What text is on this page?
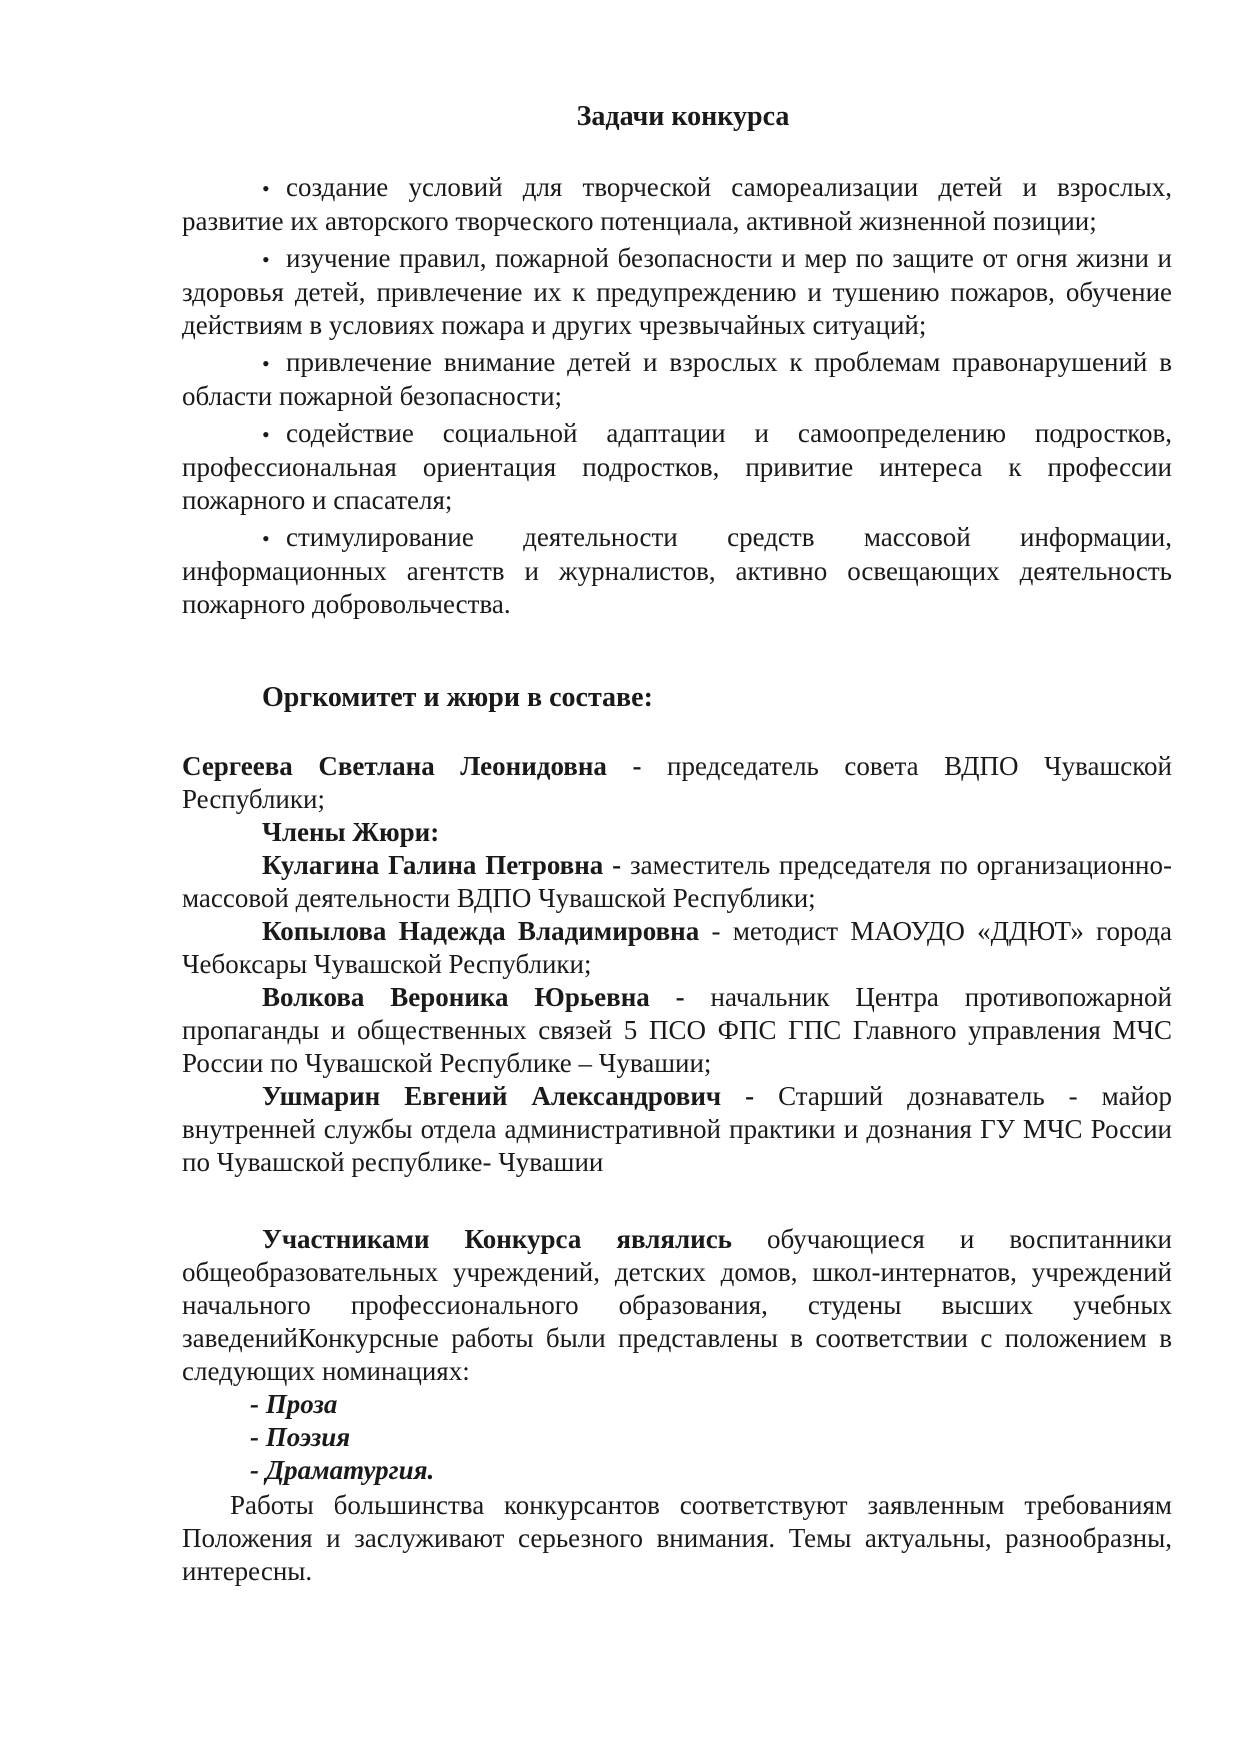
Задачи конкурса
• создание условий для творческой самореализации детей и взрослых, развитие их авторского творческого потенциала, активной жизненной позиции;
• изучение правил, пожарной безопасности и мер по защите от огня жизни и здоровья детей, привлечение их к предупреждению и тушению пожаров, обучение действиям в условиях пожара и других чрезвычайных ситуаций;
• привлечение внимание детей и взрослых к проблемам правонарушений в области пожарной безопасности;
• содействие социальной адаптации и самоопределению подростков, профессиональная ориентация подростков, привитие интереса к профессии пожарного и спасателя;
• стимулирование деятельности средств массовой информации, информационных агентств и журналистов, активно освещающих деятельность пожарного добровольчества.
Оргкомитет и жюри в составе:

Сергеева Светлана Леонидовна - председатель совета ВДПО Чувашской Республики;

Члены Жюри:

Кулагина Галина Петровна - заместитель председателя по организационно-массовой деятельности ВДПО Чувашской Республики;

Копылова Надежда Владимировна - методист МАОУДО «ДДЮТ» города Чебоксары Чувашской Республики;

Волкова Вероника Юрьевна - начальник Центра противопожарной пропаганды и общественных связей 5 ПСО ФПС ГПС Главного управления МЧС России по Чувашской Республике – Чувашии;

Ушмарин Евгений Александрович - Старший дознаватель - майор внутренней службы отдела административной практики и дознания ГУ МЧС России по Чувашской республике- Чувашии

Участниками Конкурса являлись обучающиеся и воспитанники общеобразовательных учреждений, детских домов, школ-интернатов, учреждений начального профессионального образования, студены высших учебных заведенийКонкурсные работы были представлены в соответствии с положением в следующих номинациях:

- Проза
- Поэзия
- Драматургия.

Работы большинства конкурсантов соответствуют заявленным требованиям Положения и заслуживают серьезного внимания. Темы актуальны, разнообразны, интересны.
